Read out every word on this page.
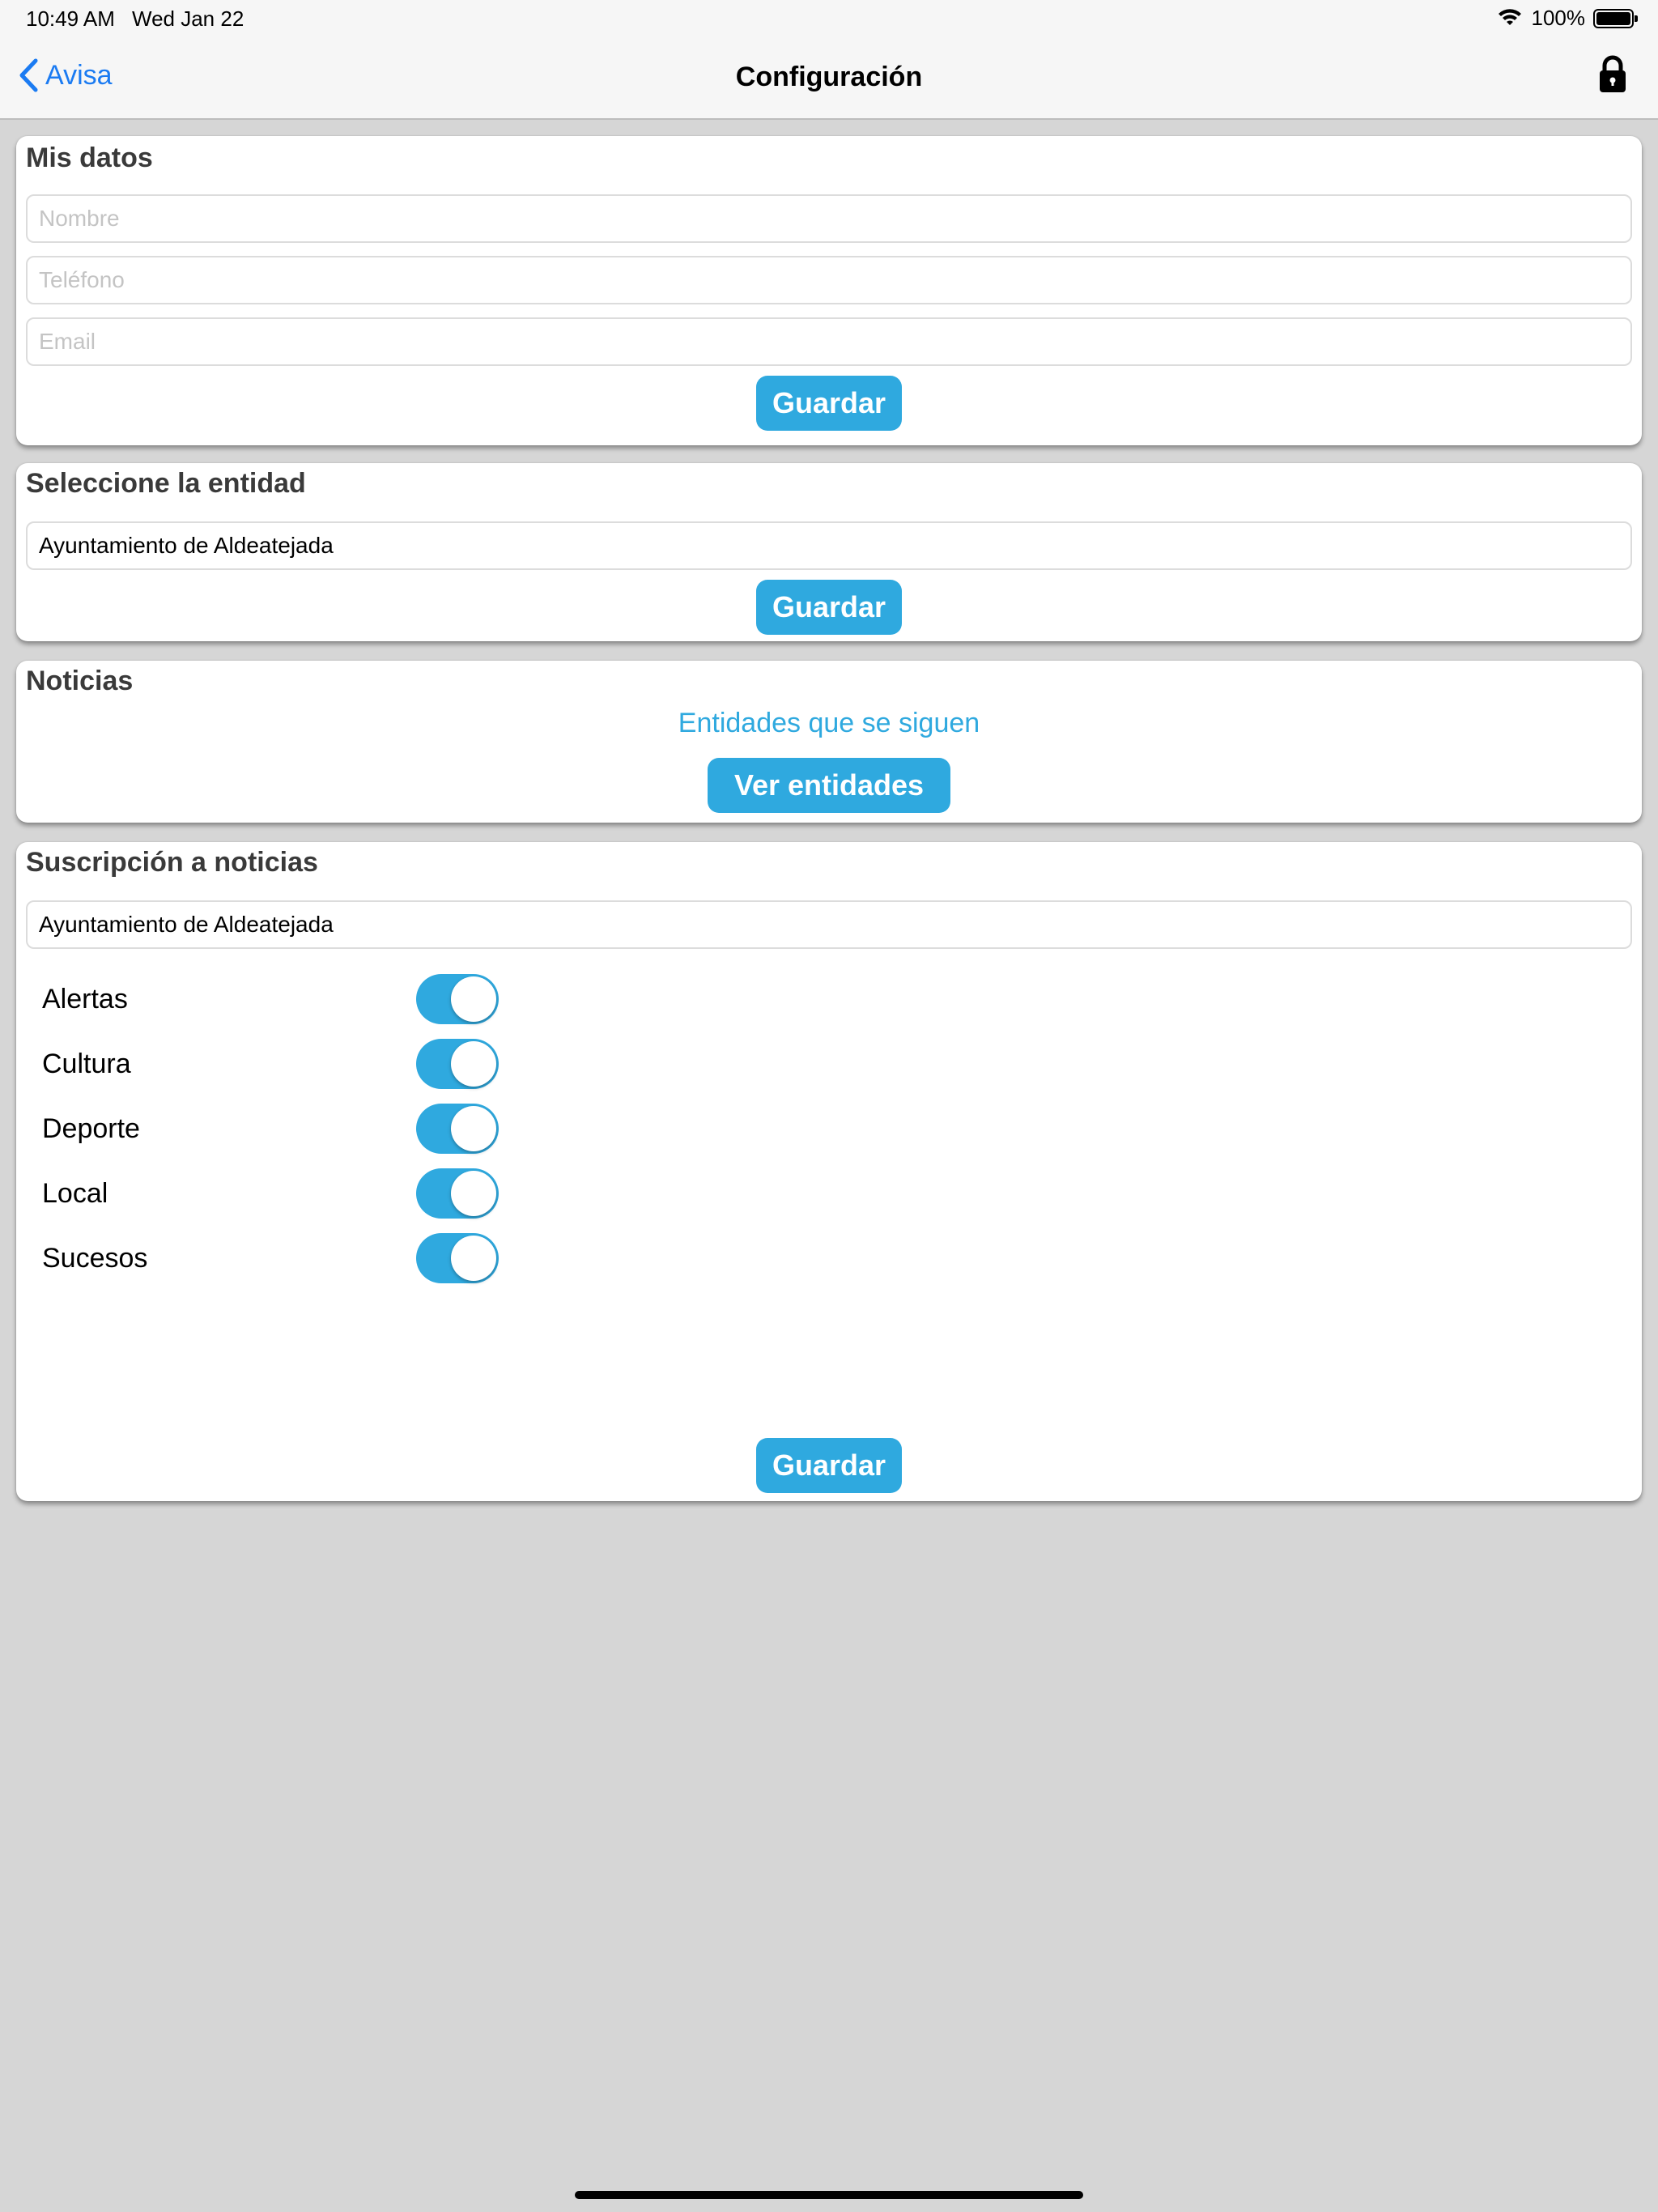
10:49 AM Wed Jan 22	100%
Avisa	Configuración
Mis datos
Nombre
Teléfono
Email
Guardar
Seleccione la entidad
Ayuntamiento de Aldeatejada
Guardar
Noticias
Entidades que se siguen
Ver entidades
Suscripción a noticias
Ayuntamiento de Aldeatejada
Alertas
Cultura
Deporte
Local
Sucesos
Guardar
